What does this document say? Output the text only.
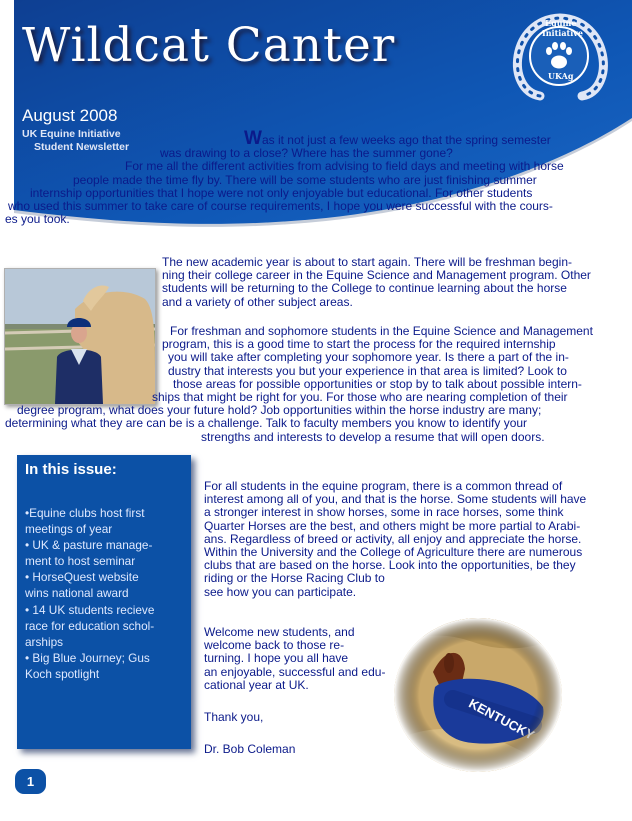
Equine
Initiative
UKAg
Wildcat Canter
August 2008
UK Equine Initiative
Student Newsletter	Was it not just a few weeks ago that the spring semester
was drawing to a close? Where has the summer gone?
For me all the different activities from advising to field days and meeting with horse
people made the time fly by. There will be some students who are just finishing summer
internship opportunities that I hope were not only enjoyable but educational. For other students
who used this summer to take care of course requirements, I hope you were successful with the cours-
es you took.
The new academic year is about to start again. There will be freshman begin-
ning their college career in the Equine Science and Management program. Other
students will be returning to the College to continue learning about the horse
and a variety of other subject areas.
For freshman and sophomore students in the Equine Science and Management
program, this is a good time to start the process for the required internship
you will take after completing your sophomore year. Is there a part of the in-
dustry that interests you but your experience in that area is limited? Look to
those areas for possible opportunities or stop by to talk about possible intern-
ships that might be right for you. For those who are nearing completion of their
degree program, what does your future hold? Job opportunities within the horse industry are many;
determining what they are can be is a challenge. Talk to faculty members you know to identify your
strengths and interests to develop a resume that will open doors.
In this issue:
•Equine clubs host first
meetings of year
• UK & pasture manage-
ment to host seminar
• HorseQuest website
wins national award
• 14 UK students recieve
race for education schol-
arships
• Big Blue Journey; Gus
Koch spotlight
For all students in the equine program, there is a common thread of
interest among all of you, and that is the horse. Some students will have
a stronger interest in show horses, some in race horses, some think
Quarter Horses are the best, and others might be more partial to Arabi-
ans. Regardless of breed or activity, all enjoy and appreciate the horse.
Within the University and the College of Agriculture there are numerous
clubs that are based on the horse. Look into the opportunities, be they
riding or the Horse Racing Club to
see how you can participate.
Welcome new students, and
welcome back to those re-
turning. I hope you all have
an enjoyable, successful and edu-
cational year at UK.
Thank you,
Dr. Bob Coleman
1
